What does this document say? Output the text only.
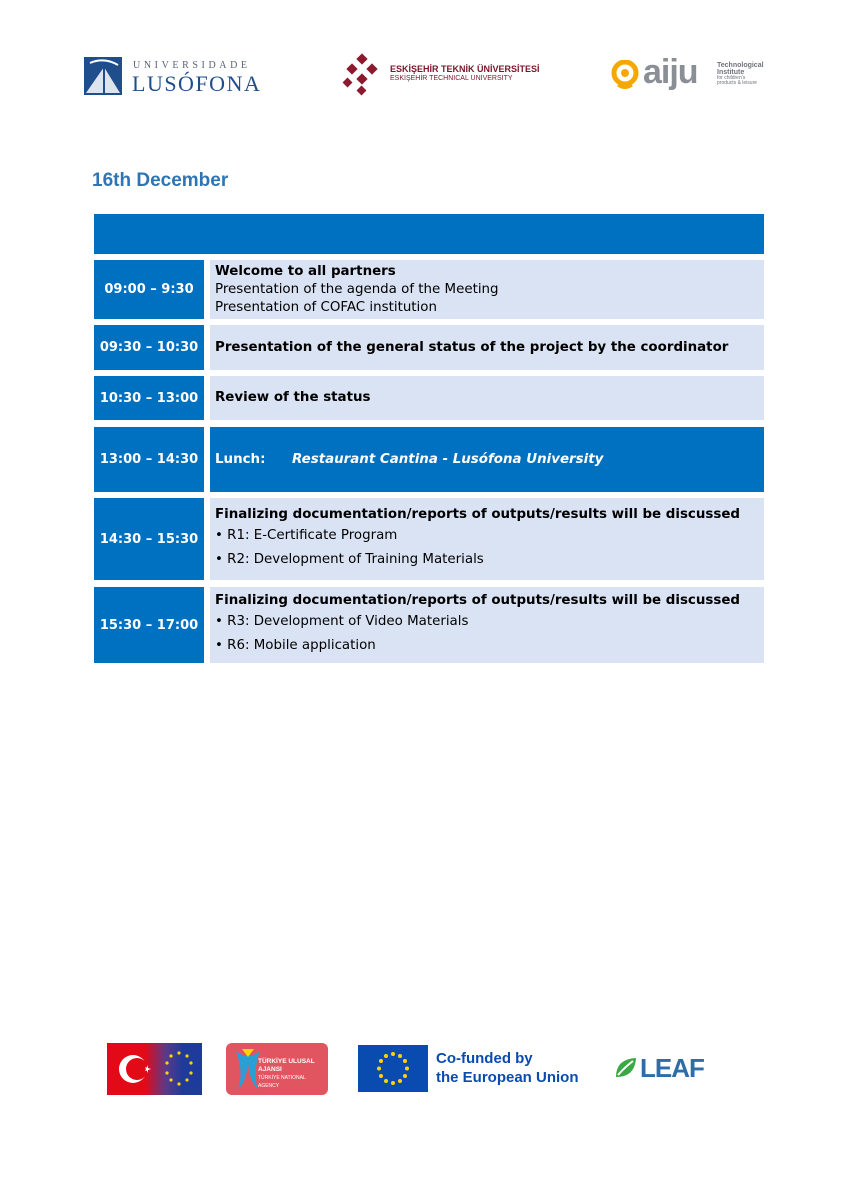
UNIVERSIDADE
LUSÓFONA
ESKİŞEHİR TEKNİK ÜNİVERSİTESİ
ESKİŞEHİR TECHNICAL UNIVERSITY	aiju	Technological
Institute
for children's
products & leisure
16th December
09:00 – 9:30
Welcome to all partners
Presentation of the agenda of the Meeting
Presentation of COFAC institution
09:30 – 10:30	Presentation of the general status of the project by the coordinator
10:30 – 13:00	Review of the status
13:00 – 14:30	Lunch:	Restaurant Cantina - Lusófona University
14:30 – 15:30
Finalizing documentation/reports of outputs/results will be discussed
• R1: E-Certificate Program
• R2: Development of Training Materials
15:30 – 17:00
Finalizing documentation/reports of outputs/results will be discussed
• R3: Development of Video Materials
• R6: Mobile application
TÜRKİYE ULUSAL AJANSI
TÜRKİYE NATIONAL AGENCY
Co-funded by
the European Union LEAF
